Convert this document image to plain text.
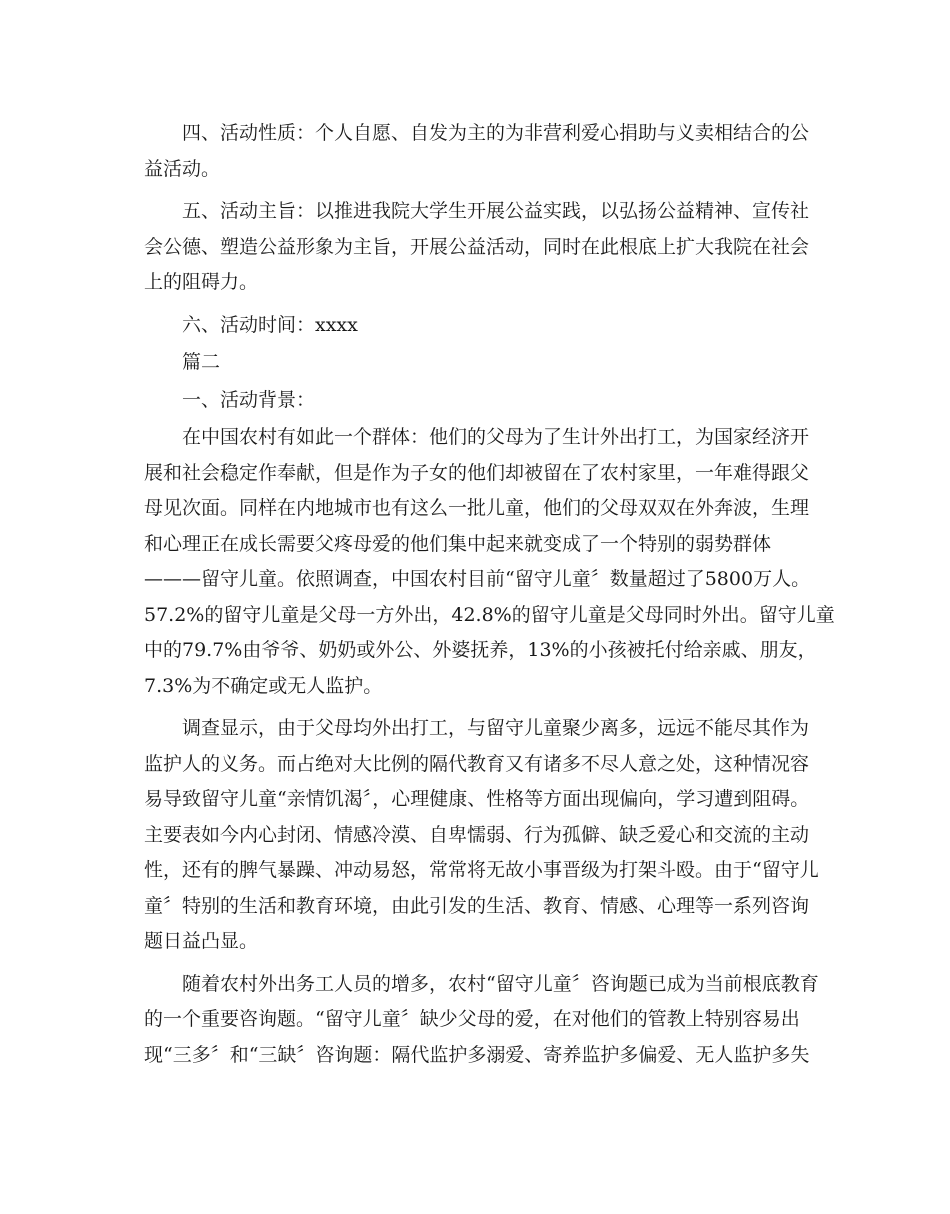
四、活动性质：个人自愿、自发为主的为非营利爱心捐助与义卖相结合的公
益活动。
五、活动主旨：以推进我院大学生开展公益实践，以弘扬公益精神、宣传社
会公德、塑造公益形象为主旨，开展公益活动，同时在此根底上扩大我院在社会
上的阻碍力。
六、活动时间：xxxx
篇二
一、活动背景：
在中国农村有如此一个群体：他们的父母为了生计外出打工，为国家经济开
展和社会稳定作奉献，但是作为子女的他们却被留在了农村家里，一年难得跟父
母见次面。同样在内地城市也有这么一批儿童，他们的父母双双在外奔波，生理
和心理正在成长需要父疼母爱的他们集中起来就变成了一个特别的弱势群体
———留守儿童。依照调查，中国农村目前“留守儿童〞数量超过了5800万人。
57.2%的留守儿童是父母一方外出，42.8%的留守儿童是父母同时外出。留守儿童
中的79.7%由爷爷、奶奶或外公、外婆抚养，13%的小孩被托付给亲戚、朋友，
7.3%为不确定或无人监护。
调查显示，由于父母均外出打工，与留守儿童聚少离多，远远不能尽其作为
监护人的义务。而占绝对大比例的隔代教育又有诸多不尽人意之处，这种情况容
易导致留守儿童“亲情饥渴〞，心理健康、性格等方面出现偏向，学习遭到阻碍。
主要表如今内心封闭、情感冷漠、自卑懦弱、行为孤僻、缺乏爱心和交流的主动
性，还有的脾气暴躁、冲动易怒，常常将无故小事晋级为打架斗殴。由于“留守儿
童〞特别的生活和教育环境，由此引发的生活、教育、情感、心理等一系列咨询
题日益凸显。
随着农村外出务工人员的增多，农村“留守儿童〞咨询题已成为当前根底教育
的一个重要咨询题。“留守儿童〞缺少父母的爱，在对他们的管教上特别容易出
现“三多〞和“三缺〞咨询题：隔代监护多溺爱、寄养监护多偏爱、无人监护多失
